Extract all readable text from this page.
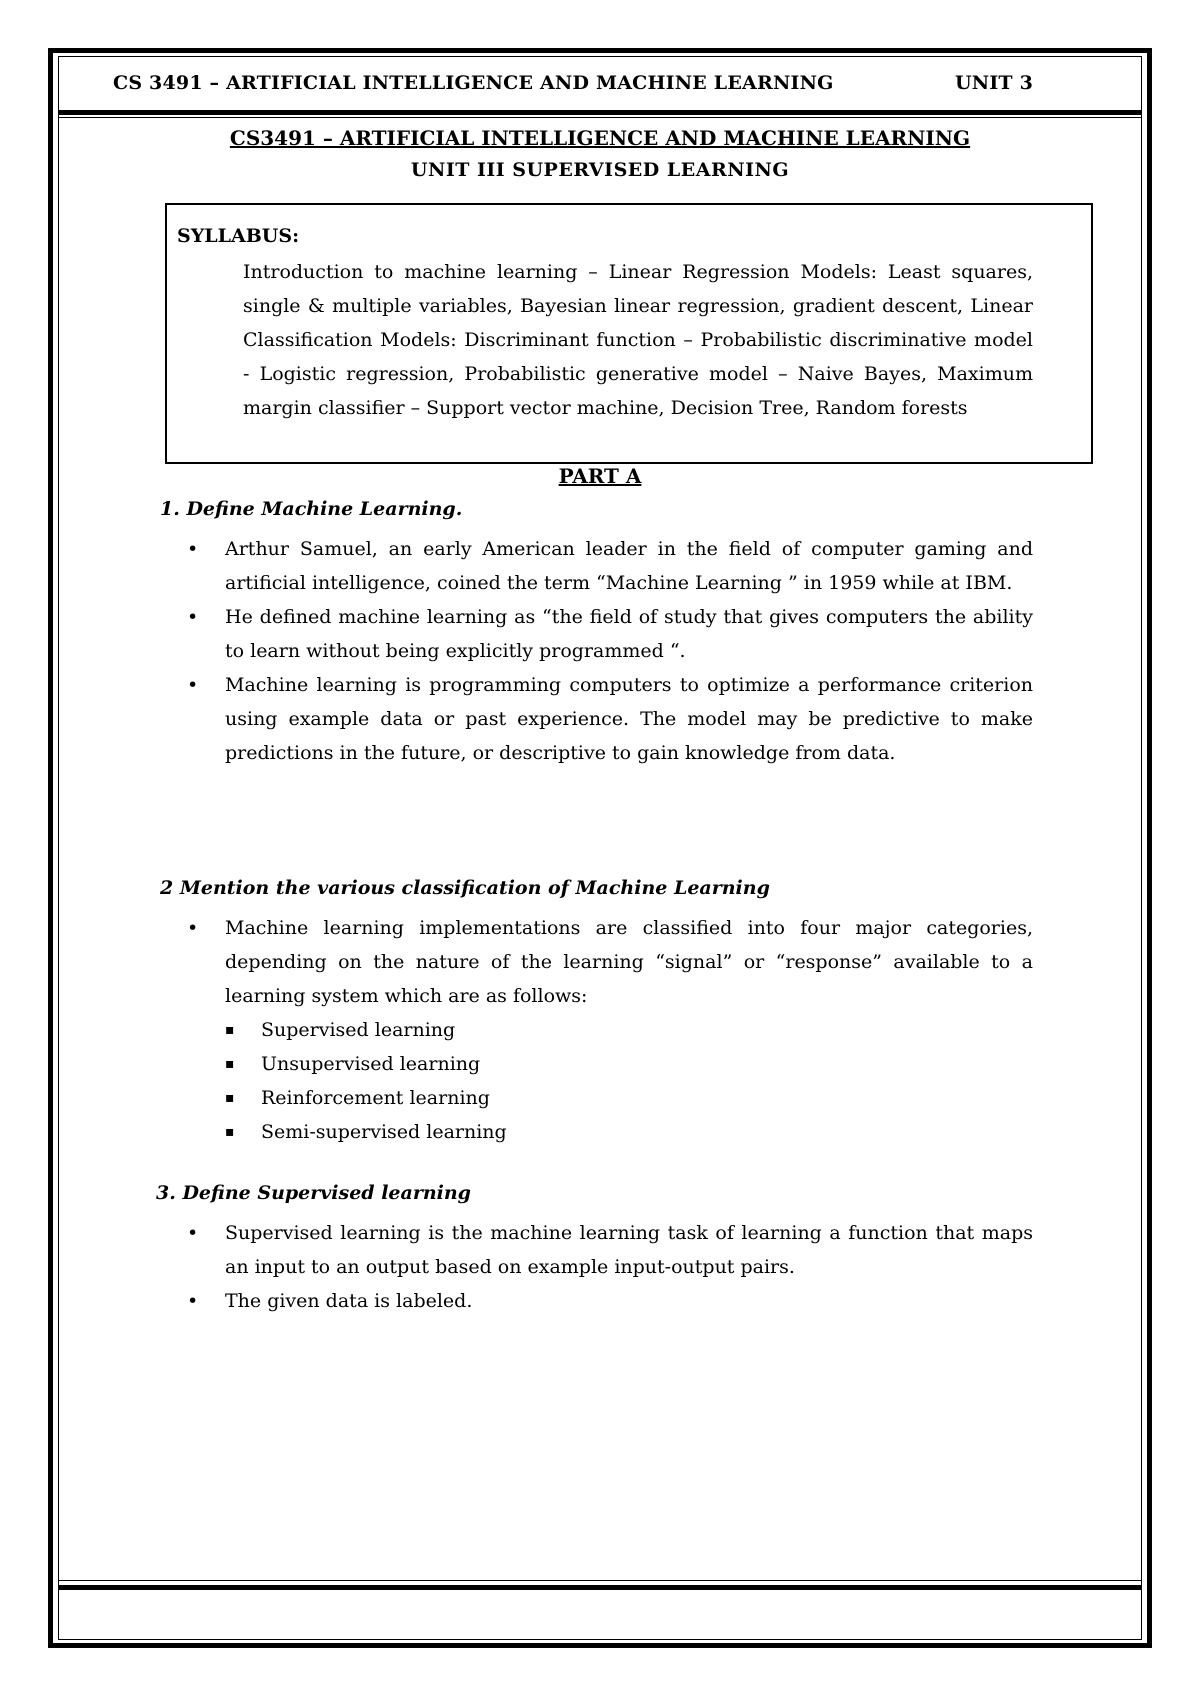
CS 3491 – ARTIFICIAL INTELLIGENCE AND MACHINE LEARNING	UNIT 3
CS3491 – ARTIFICIAL INTELLIGENCE AND MACHINE LEARNING
UNIT III SUPERVISED LEARNING
SYLLABUS:
Introduction to machine learning – Linear Regression Models: Least squares, single & multiple variables, Bayesian linear regression, gradient descent, Linear Classification Models: Discriminant function – Probabilistic discriminative model - Logistic regression, Probabilistic generative model – Naive Bayes, Maximum margin classifier – Support vector machine, Decision Tree, Random forests
PART A
1. Define Machine Learning.
• Arthur Samuel, an early American leader in the field of computer gaming and artificial intelligence, coined the term “Machine Learning ” in 1959 while at IBM.
• He defined machine learning as “the field of study that gives computers the ability to learn without being explicitly programmed “.
• Machine learning is programming computers to optimize a performance criterion using example data or past experience. The model may be predictive to make predictions in the future, or descriptive to gain knowledge from data.
2 Mention the various classification of Machine Learning
• Machine learning implementations are classified into four major categories, depending on the nature of the learning “signal” or “response” available to a learning system which are as follows:
▪ Supervised learning
▪ Unsupervised learning
▪ Reinforcement learning
▪ Semi-supervised learning
3. Define Supervised learning
• Supervised learning is the machine learning task of learning a function that maps an input to an output based on example input-output pairs.
• The given data is labeled.
